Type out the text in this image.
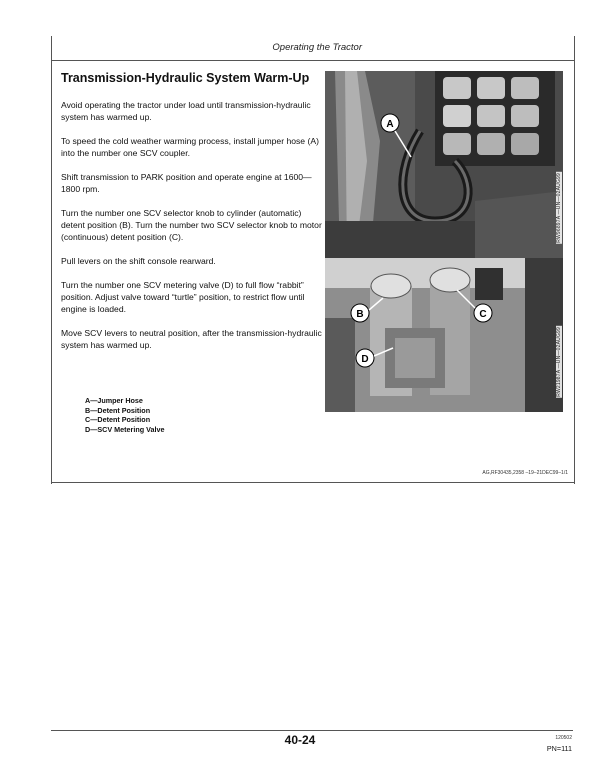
Operating the Tractor
Transmission-Hydraulic System Warm-Up

Avoid operating the tractor under load until transmission-hydraulic system has warmed up.

To speed the cold weather warming process, install jumper hose (A) into the number one SCV coupler.

Shift transmission to PARK position and operate engine at 1600—1800 rpm.

Turn the number one SCV selector knob to cylinder (automatic) detent position (B). Turn the number two SCV selector knob to motor (continuous) detent position (C).

Pull levers on the shift console rearward.

Turn the number one SCV metering valve (D) to full flow “rabbit” position. Adjust valve toward “turtle” position, to restrict flow until engine is loaded.

Move SCV levers to neutral position, after the transmission-hydraulic system has warmed up.

A—Jumper Hose
B—Detent Position
C—Detent Position
D—SCV Metering Valve
A
RW96897A —UN—02AUG99
B	C
D	RW21987A —UN—02AUG99
AG,RF30435,2358 –19–21DEC99–1/1
40-24	120502
PN=111
